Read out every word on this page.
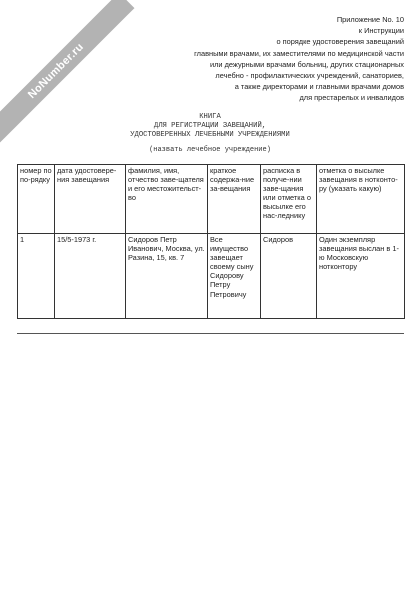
NoNumber.ru
Приложение No. 10
к Инструкции
о порядке удостоверения завещаний
главными врачами, их заместителями по медицинской части
или дежурными врачами больниц, других стационарных
лечебно - профилактических учреждений, санаториев,
а также директорами и главными врачами домов
для престарелых и инвалидов
КНИГА
ДЛЯ РЕГИСТРАЦИИ ЗАВЕЩАНИЙ,
УДОСТОВЕРЕННЫХ ЛЕЧЕБНЫМИ УЧРЕЖДЕНИЯМИ
(назвать лечебное учреждение)
номер по по-рядку	дата удостовере-ния завещания	фамилия, имя, отчество заве-щателя и его местожительст-во	краткое содержа-ние за-вещания	расписка в получе-нии заве-щания или отметка о высылке его нас-леднику	отметка о высылке завещания в нотконто-ру (указать какую)
1	15/5-1973 г.	Сидоров Петр Иванович, Москва, ул. Разина, 15, кв. 7	Все имущество завещает своему сыну Сидорову Петру Петровичу	Сидоров	Один экземпляр завещания выслан в 1-ю Московскую нотконтору
